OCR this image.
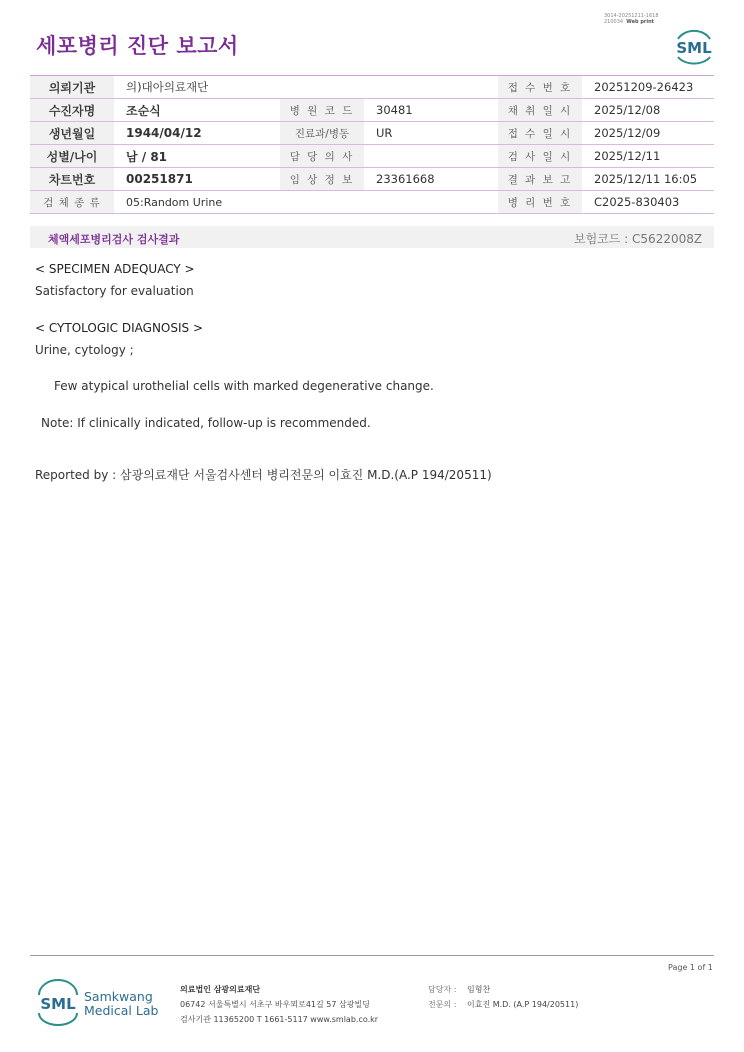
3014-20251211-1618
210034 Web print
세포병리 진단 보고서	SML
의뢰기관	의)대아의료재단			접 수 번 호	20251209-26423
수진자명	조순식	병 원 코 드	30481	채 취 일 시	2025/12/08
생년월일	1944/04/12	진료과/병동	UR	접 수 일 시	2025/12/09
성별/나이	남 / 81	담 당 의 사		검 사 일 시	2025/12/11
차트번호	00251871	임 상 정 보	23361668	결 과 보 고	2025/12/11 16:05
검 체 종 류	05:Random Urine			병 리 번 호	C2025-830403
체액세포병리검사 검사결과	보험코드 : C5622008Z
< SPECIMEN ADEQUACY >
Satisfactory for evaluation
< CYTOLOGIC DIAGNOSIS >
Urine, cytology ;
Few atypical urothelial cells with marked degenerative change.
Note: If clinically indicated, follow-up is recommended.
Reported by : 삼광의료재단 서울검사센터 병리전문의 이효진 M.D.(A.P 194/20511)
Page 1 of 1
SML Samkwang
Medical Lab
의료법인 삼광의료재단
06742 서울특별시 서초구 바우뫼로41길 57 삼광빌딩
검사기관 11365200 T 1661-5117 www.smlab.co.kr
담당자 : 임형찬
전문의 : 이효진 M.D. (A.P 194/20511)
